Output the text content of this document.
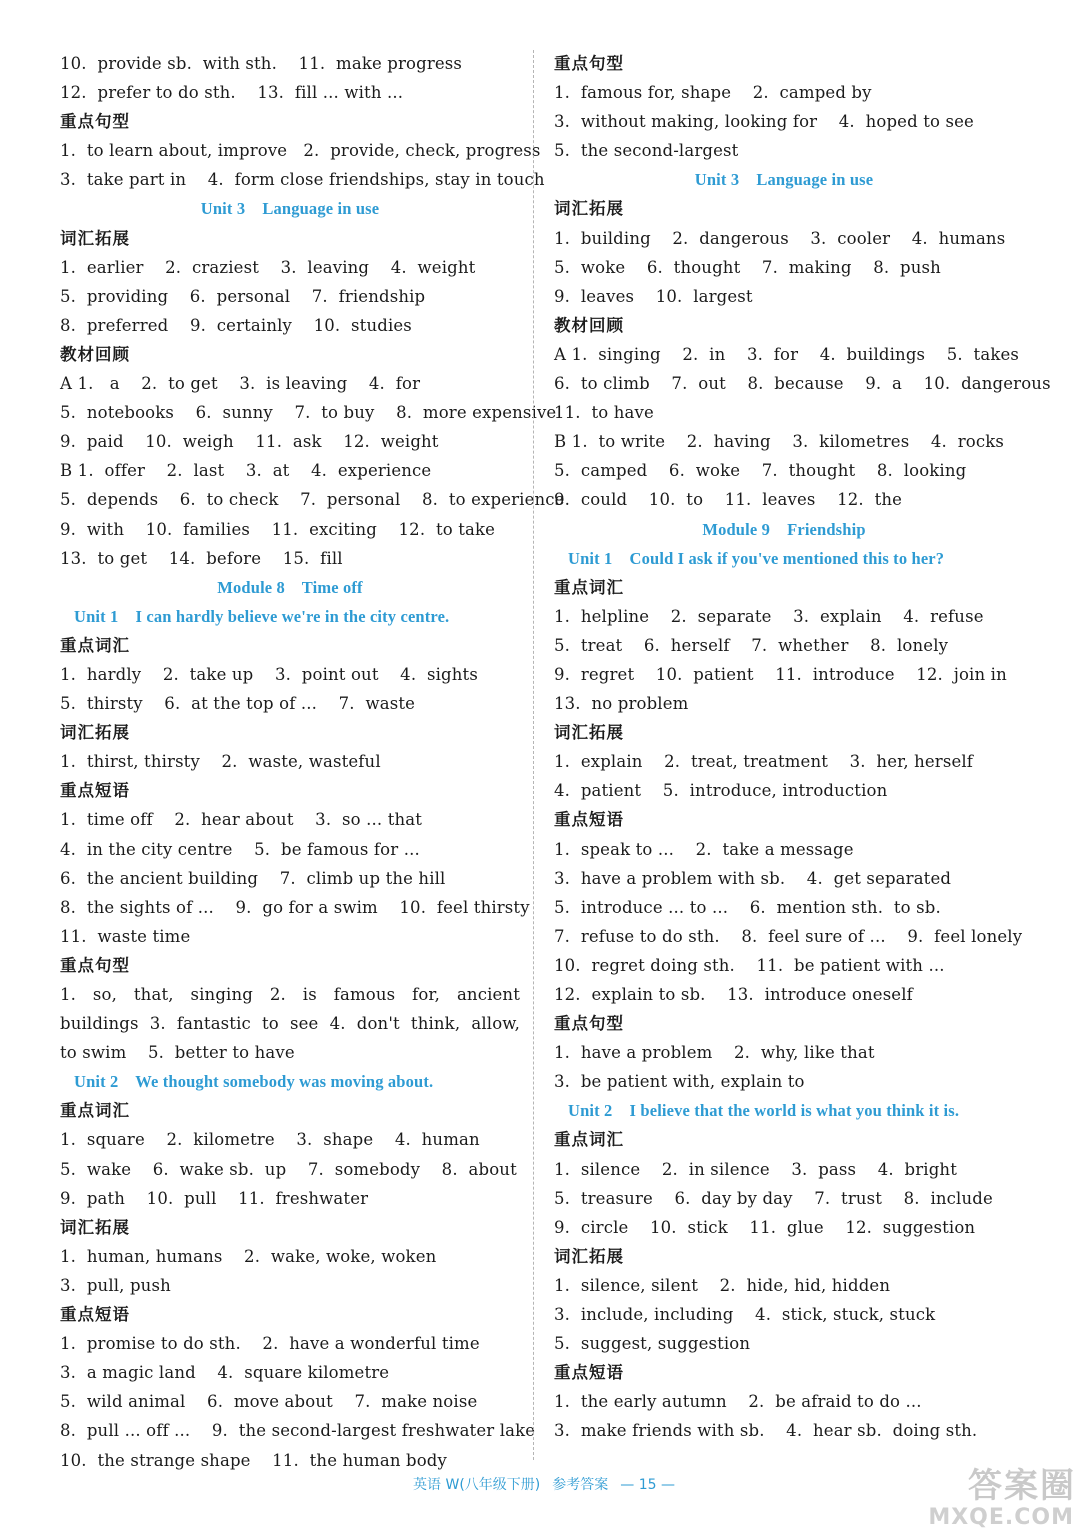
10.  provide sb.  with sth.    11.  make progress
12.  prefer to do sth.    13.  fill ... with ...
重点句型
1.  to learn about, improve   2.  provide, check, progress
3.  take part in    4.  form close friendships, stay in touch
Unit 3    Language in use
词汇拓展
1.  earlier    2.  craziest    3.  leaving    4.  weight
5.  providing    6.  personal    7.  friendship
8.  preferred    9.  certainly    10.  studies
教材回顾
A 1.   a    2.  to get    3.  is leaving    4.  for
5.  notebooks    6.  sunny    7.  to buy    8.  more expensive
9.  paid    10.  weigh    11.  ask    12.  weight
B 1.  offer    2.  last    3.  at    4.  experience
5.  depends    6.  to check    7.  personal    8.  to experience
9.  with    10.  families    11.  exciting    12.  to take
13.  to get    14.  before    15.  fill
Module 8    Time off
Unit 1    I can hardly believe we're in the city centre.
重点词汇
1.  hardly    2.  take up    3.  point out    4.  sights
5.  thirsty    6.  at the top of ...    7.  waste
词汇拓展
1.  thirst, thirsty    2.  waste, wasteful
重点短语
1.  time off    2.  hear about    3.  so ... that
4.  in the city centre    5.  be famous for ...
6.  the ancient building    7.  climb up the hill
8.  the sights of ...    9.  go for a swim    10.  feel thirsty
11.  waste time
重点句型
1. so, that, singing 2. is famous for, ancient
buildings 3. fantastic to see 4. don't think, allow,
to swim    5.  better to have
Unit 2    We thought somebody was moving about.
重点词汇
1.  square    2.  kilometre    3.  shape    4.  human
5.  wake    6.  wake sb.  up    7.  somebody    8.  about
9.  path    10.  pull    11.  freshwater
词汇拓展
1.  human, humans    2.  wake, woke, woken
3.  pull, push
重点短语
1.  promise to do sth.    2.  have a wonderful time
3.  a magic land    4.  square kilometre
5.  wild animal    6.  move about    7.  make noise
8.  pull ... off ...    9.  the second-largest freshwater lake
10.  the strange shape    11.  the human body
重点句型
1.  famous for, shape    2.  camped by
3.  without making, looking for    4.  hoped to see
5.  the second-largest
Unit 3    Language in use
词汇拓展
1.  building    2.  dangerous    3.  cooler    4.  humans
5.  woke    6.  thought    7.  making    8.  push
9.  leaves    10.  largest
教材回顾
A 1.  singing    2.  in    3.  for    4.  buildings    5.  takes
6.  to climb    7.  out    8.  because    9.  a    10.  dangerous
11.  to have
B 1.  to write    2.  having    3.  kilometres    4.  rocks
5.  camped    6.  woke    7.  thought    8.  looking
9.  could    10.  to    11.  leaves    12.  the
Module 9    Friendship
Unit 1    Could I ask if you've mentioned this to her?
重点词汇
1.  helpline    2.  separate    3.  explain    4.  refuse
5.  treat    6.  herself    7.  whether    8.  lonely
9.  regret    10.  patient    11.  introduce    12.  join in
13.  no problem
词汇拓展
1.  explain    2.  treat, treatment    3.  her, herself
4.  patient    5.  introduce, introduction
重点短语
1.  speak to ...    2.  take a message
3.  have a problem with sb.    4.  get separated
5.  introduce ... to ...    6.  mention sth.  to sb.
7.  refuse to do sth.    8.  feel sure of ...    9.  feel lonely
10.  regret doing sth.    11.  be patient with ...
12.  explain to sb.    13.  introduce oneself
重点句型
1.  have a problem    2.  why, like that
3.  be patient with, explain to
Unit 2    I believe that the world is what you think it is.
重点词汇
1.  silence    2.  in silence    3.  pass    4.  bright
5.  treasure    6.  day by day    7.  trust    8.  include
9.  circle    10.  stick    11.  glue    12.  suggestion
词汇拓展
1.  silence, silent    2.  hide, hid, hidden
3.  include, including    4.  stick, stuck, stuck
5.  suggest, suggestion
重点短语
1.  the early autumn    2.  be afraid to do ...
3.  make friends with sb.    4.  hear sb.  doing sth.
英语 W(八年级下册) 参考答案 — 15 —	答案圈
MXQE.COM
